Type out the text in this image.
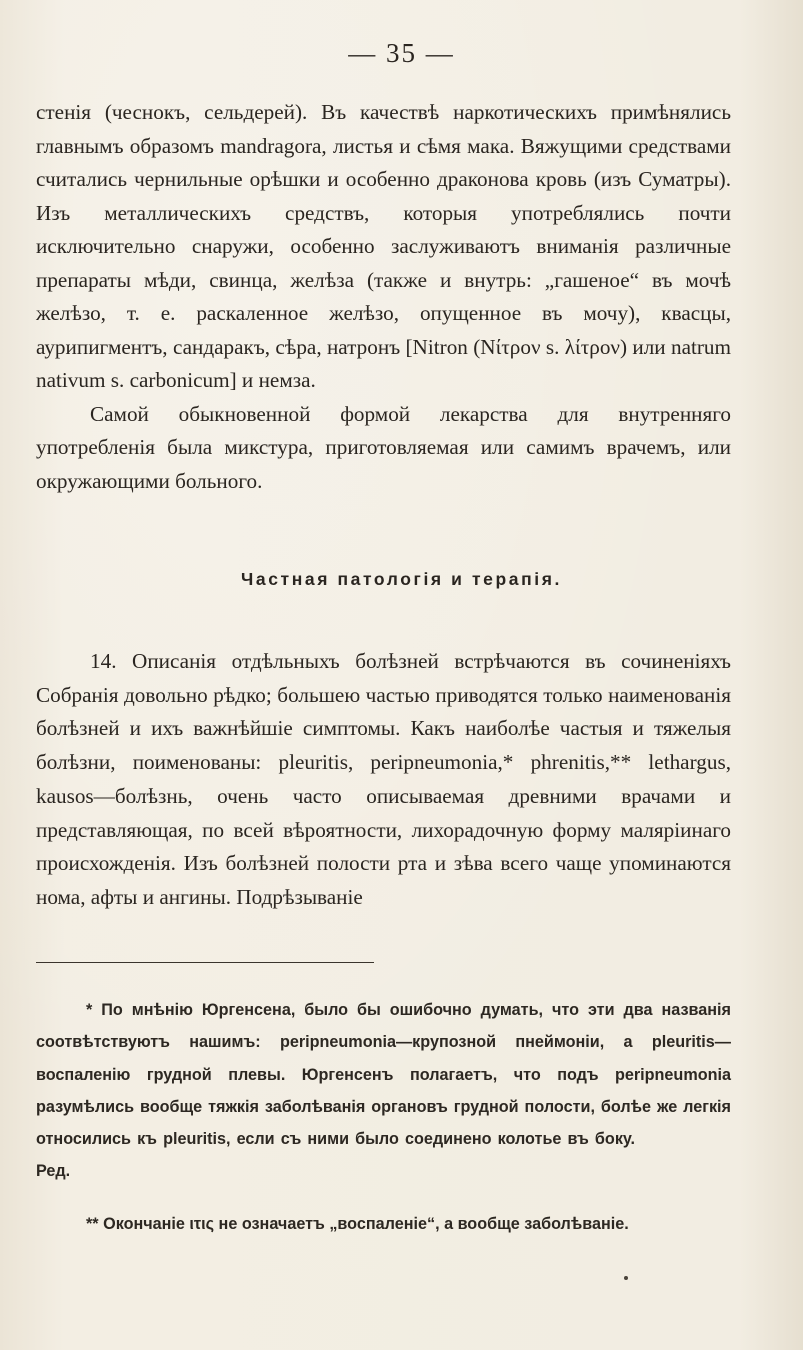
— 35 —

стенія (чеснокъ, сельдерей). Въ качествѣ наркотическихъ примѣнялись главнымъ образомъ mandragora, листья и сѣмя мака. Вяжущими средствами считались чернильные орѣшки и особенно драконова кровь (изъ Суматры). Изъ металлическихъ средствъ, которыя употреблялись почти исключительно снаружи, особенно заслуживаютъ вниманія различные препараты мѣди, свинца, желѣза (также и внутрь: „гашеное“ въ мочѣ желѣзо, т. е. раскаленное желѣзо, опущенное въ мочу), квасцы, аурипигментъ, сандаракъ, сѣра, натронъ [Nitron (Νίτρον s. λίτρον) или natrum nativum s. carbonicum] и немза.

Самой обыкновенной формой лекарства для внутренняго употребленія была микстура, приготовляемая или самимъ врачемъ, или окружающими больного.

Частная патологія и терапія.

14. Описанія отдѣльныхъ болѣзней встрѣчаются въ сочиненіяхъ Собранія довольно рѣдко; большею частью приводятся только наименованія болѣзней и ихъ важнѣйшіе симптомы. Какъ наиболѣе частыя и тяжелыя болѣзни, поименованы: pleuritis, peripneumonia,* phrenitis,** lethargus, kausos—болѣзнь, очень часто описываемая древними врачами и представляющая, по всей вѣроятности, лихорадочную форму маляріинаго происхожденія. Изъ болѣзней полости рта и зѣва всего чаще упоминаются нома, афты и ангины. Подрѣзываніе

* По мнѣнію Юргенсена, было бы ошибочно думать, что эти два названія соотвѣтствуютъ нашимъ: peripneumonia—крупозной пнеймоніи, а pleuritis—воспаленію грудной плевы. Юргенсенъ полагаетъ, что подъ peripneumonia разумѣлись вообще тяжкія заболѣванія органовъ грудной полости, болѣе же легкія относились къ pleuritis, если съ ними было соединено колотье въ боку.Ред.

** Окончаніе ιτις не означаетъ „воспаленіе“, а вообще заболѣваніе.
